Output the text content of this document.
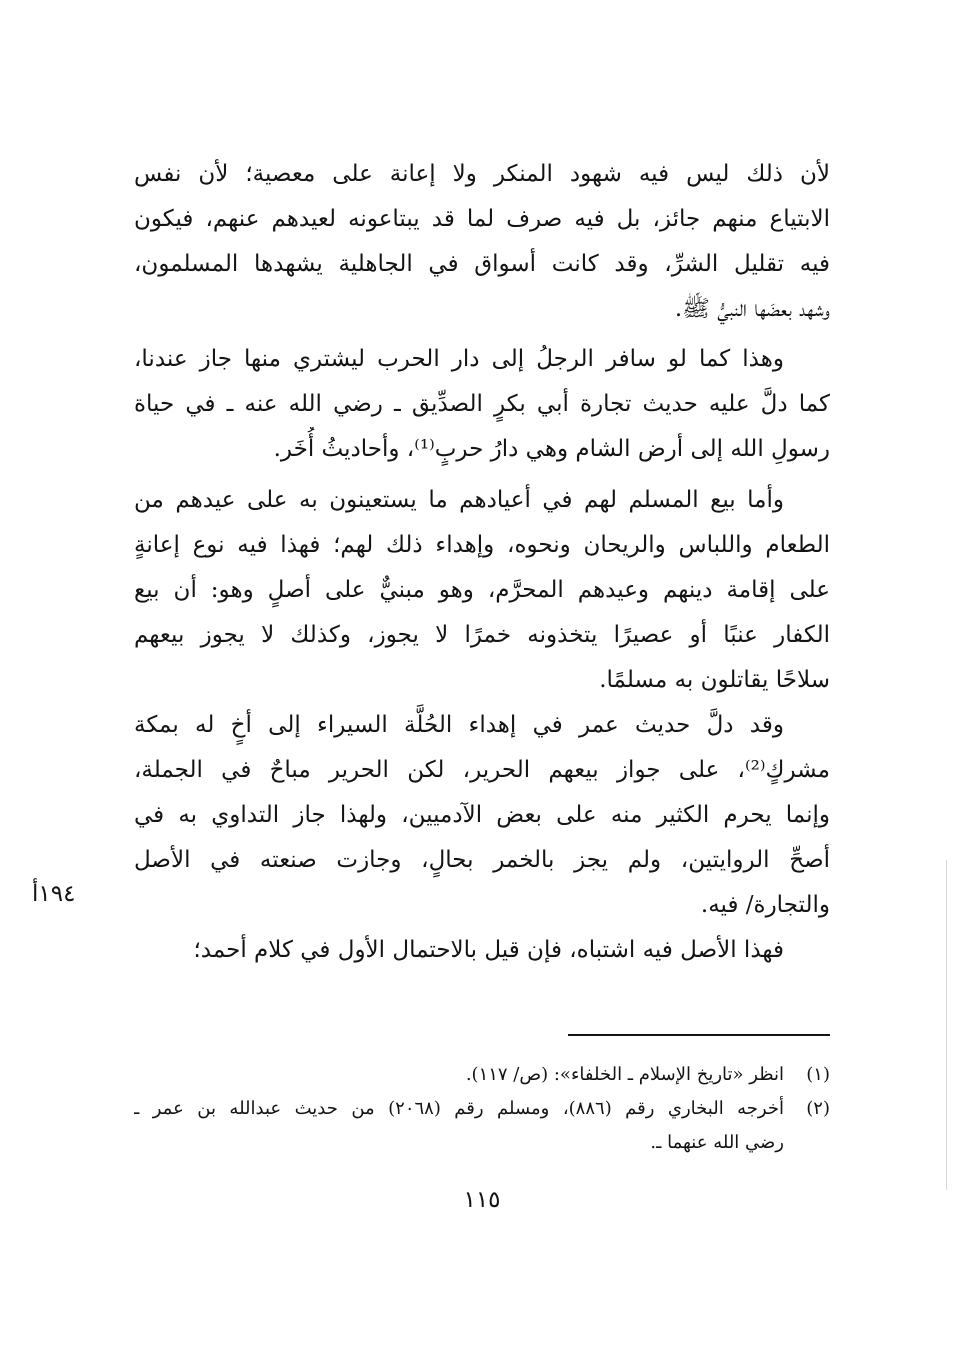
لأن ذلك ليس فيه شهود المنكر ولا إعانة على معصية؛ لأن نفس
الابتياع منهم جائز، بل فيه صرف لما قد يبتاعونه لعيدهم عنهم، فيكون
فيه تقليل الشرِّ، وقد كانت أسواق في الجاهلية يشهدها المسلمون،
وشهد بعضَها النبيُّ ﷺ.
وهذا كما لو سافر الرجلُ إلى دار الحرب ليشتري منها جاز عندنا،
كما دلَّ عليه حديث تجارة أبي بكرٍ الصدِّيق ـ رضي الله عنه ـ في حياة
رسولِ الله إلى أرض الشام وهي دارُ حربٍ⁽¹⁾، وأحاديثُ أُخَر.
وأما بيع المسلم لهم في أعيادهم ما يستعينون به على عيدهم من
الطعام واللباس والريحان ونحوه، وإهداء ذلك لهم؛ فهذا فيه نوع إعانةٍ
على إقامة دينهم وعيدهم المحرَّم، وهو مبنيٌّ على أصلٍ وهو: أن بيع
الكفار عنبًا أو عصيرًا يتخذونه خمرًا لا يجوز، وكذلك لا يجوز بيعهم
سلاحًا يقاتلون به مسلمًا.
وقد دلَّ حديث عمر في إهداء الحُلَّة السيراء إلى أخٍ له بمكة
مشركٍ⁽²⁾، على جواز بيعهم الحرير، لكن الحرير مباحٌ في الجملة،
وإنما يحرم الكثير منه على بعض الآدميين، ولهذا جاز التداوي به في
أصحِّ الروايتين، ولم يجز بالخمر بحالٍ، وجازت صنعته في الأصل
والتجارة/ فيه.
فهذا الأصل فيه اشتباه، فإن قيل بالاحتمال الأول في كلام أحمد؛
١٩٤أ
(١)
انظر «تاريخ الإسلام ـ الخلفاء»: (ص/ ١١٧).
(٢)
أخرجه البخاري رقم (٨٨٦)، ومسلم رقم (٢٠٦٨) من حديث عبدالله بن عمر ـ
رضي الله عنهما ـ.
١١٥
